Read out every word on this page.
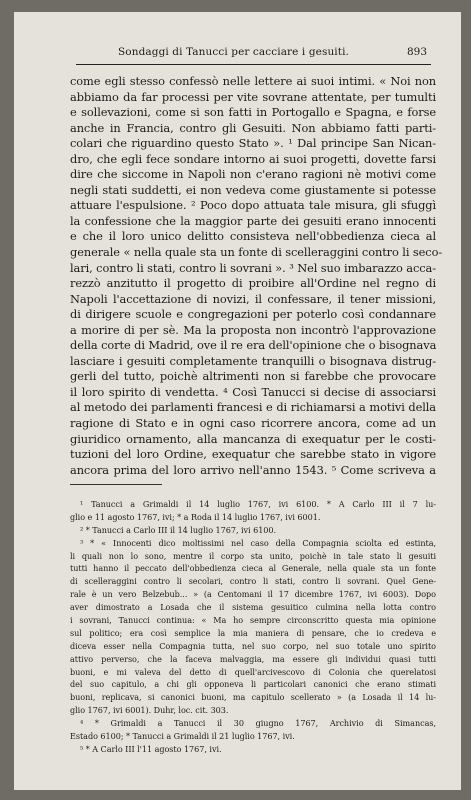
Sondaggi di Tanucci per cacciare i gesuiti.	893
come egli stesso confessò nelle lettere ai suoi intimi. « Noi non
abbiamo da far processi per vite sovrane attentate, per tumulti
e sollevazioni, come si son fatti in Portogallo e Spagna, e forse
anche in Francia, contro gli Gesuiti. Non abbiamo fatti parti-
colari che riguardino questo Stato ». ¹ Dal principe San Nican-
dro, che egli fece sondare intorno ai suoi progetti, dovette farsi
dire che siccome in Napoli non c'erano ragioni nè motivi come
negli stati suddetti, ei non vedeva come giustamente si potesse
attuare l'espulsione. ² Poco dopo attuata tale misura, gli sfuggì
la confessione che la maggior parte dei gesuiti erano innocenti
e che il loro unico delitto consisteva nell'obbedienza cieca al
generale « nella quale sta un fonte di scelleraggini contro li seco-
lari, contro li stati, contro li sovrani ». ³ Nel suo imbarazzo acca-
rezzò anzitutto il progetto di proibire all'Ordine nel regno di
Napoli l'accettazione di novizi, il confessare, il tener missioni,
di dirigere scuole e congregazioni per poterlo così condannare
a morire di per sè. Ma la proposta non incontrò l'approvazione
della corte di Madrid, ove il re era dell'opinione che o bisognava
lasciare i gesuiti completamente tranquilli o bisognava distrug-
gerli del tutto, poichè altrimenti non si farebbe che provocare
il loro spirito di vendetta. ⁴ Così Tanucci si decise di associarsi
al metodo dei parlamenti francesi e di richiamarsi a motivi della
ragione di Stato e in ogni caso ricorrere ancora, come ad un
giuridico ornamento, alla mancanza di exequatur per le costi-
tuzioni del loro Ordine, exequatur che sarebbe stato in vigore
ancora prima del loro arrivo nell'anno 1543. ⁵ Come scriveva a
¹ Tanucci a Grimaldi il 14 luglio 1767, ivi 6100. * A Carlo III il 7 lu-
glio e 11 agosto 1767, ivi; * a Roda il 14 luglio 1767, ivi 6001.
² * Tanucci a Carlo III il 14 luglio 1767, ivi 6100.
³ * « Innocenti dico moltissimi nel caso della Compagnia sciolta ed estinta,
li quali non lo sono, mentre il corpo sta unito, poichè in tale stato li gesuiti
tutti hanno il peccato dell'obbedienza cieca al Generale, nella quale sta un fonte
di scelleraggini contro li secolari, contro li stati, contro li sovrani. Quel Gene-
rale è un vero Belzebub... » (a Centomani il 17 dicembre 1767, ivi 6003). Dopo
aver dimostrato a Losada che il sistema gesuitico culmina nella lotta contro
i sovrani, Tanucci continua: « Ma ho sempre circonscritto questa mia opinione
sul politico; era così semplice la mia maniera di pensare, che io credeva e
diceva esser nella Compagnia tutta, nel suo corpo, nel suo totale uno spirito
attivo perverso, che la faceva malvaggia, ma essere gli individui quasi tutti
buoni, e mi valeva del detto di quell'arcivescovo di Colonia che querelatosi
del suo capitulo, a chi gli opponeva li particolari canonici che erano stimati
buoni, replicava, si canonici buoni, ma capitulo scellerato » (a Losada il 14 lu-
glio 1767, ivi 6001). Duhr, loc. cit. 303.
⁴ * Grimaldi a Tanucci il 30 giugno 1767, Archivio di Simancas,
Estado 6100; * Tanucci a Grimaldi il 21 luglio 1767, ivi.
⁵ * A Carlo III l'11 agosto 1767, ivi.
